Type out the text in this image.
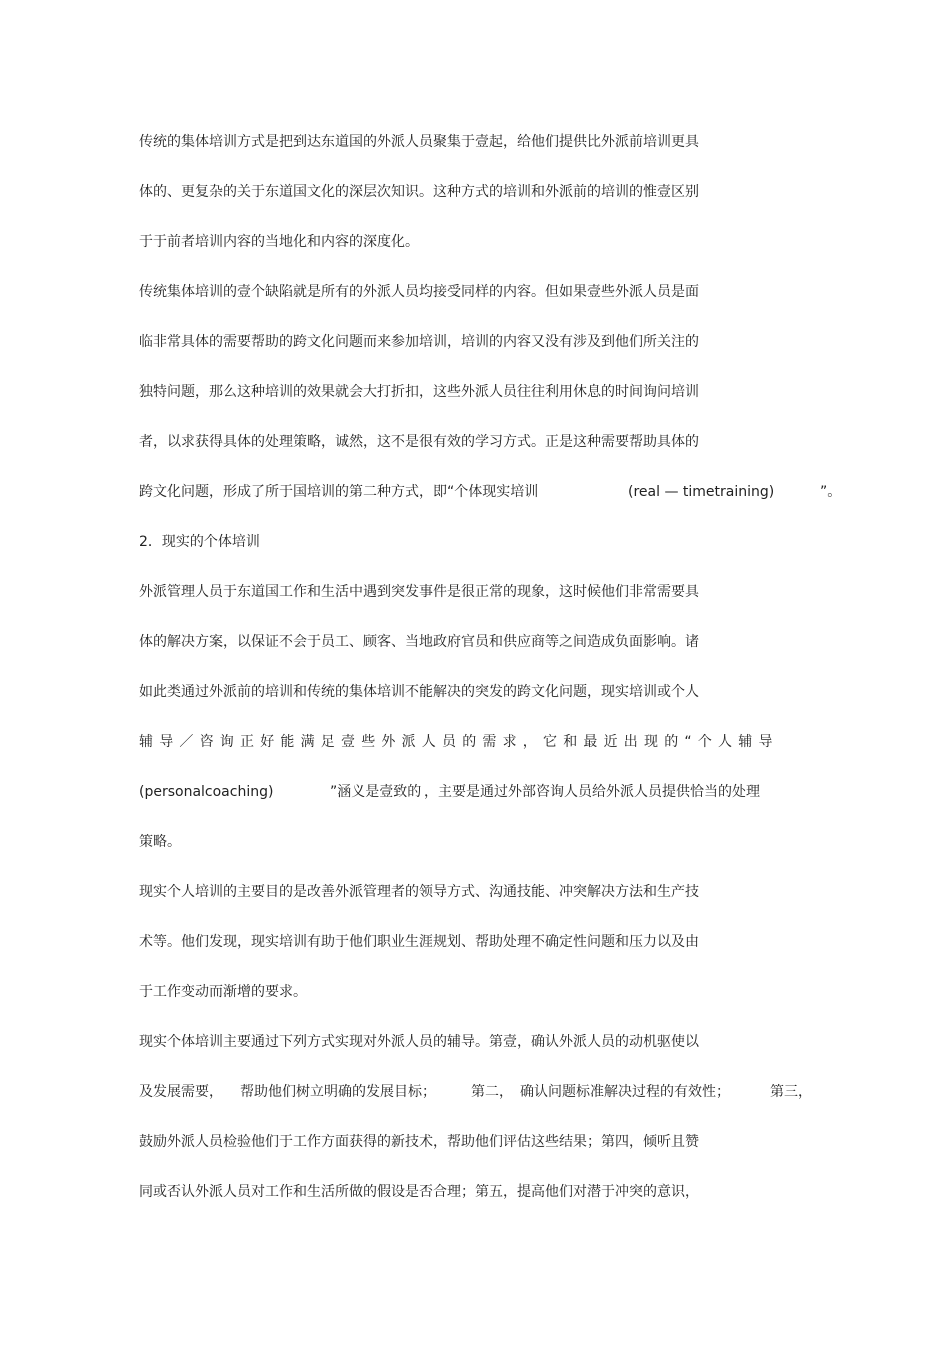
传统的集体培训方式是把到达东道国的外派人员聚集于壹起，给他们提供比外派前培训更具

体的、更复杂的关于东道国文化的深层次知识。这种方式的培训和外派前的培训的惟壹区别

于于前者培训内容的当地化和内容的深度化。

传统集体培训的壹个缺陷就是所有的外派人员均接受同样的内容。但如果壹些外派人员是面

临非常具体的需要帮助的跨文化问题而来参加培训，培训的内容又没有涉及到他们所关注的

独特问题，那么这种培训的效果就会大打折扣，这些外派人员往往利用休息的时间询问培训

者，以求获得具体的处理策略，诚然，这不是很有效的学习方式。正是这种需要帮助具体的

跨文化问题，形成了所于国培训的第二种方式，即“个体现实培训	(real — timetraining)	”。

2．现实的个体培训

外派管理人员于东道国工作和生活中遇到突发事件是很正常的现象，这时候他们非常需要具

体的解决方案，以保证不会于员工、顾客、当地政府官员和供应商等之间造成负面影响。诸

如此类通过外派前的培训和传统的集体培训不能解决的突发的跨文化问题，现实培训或个人

辅导／咨询正好能满足壹些外派人员的需求，它和最近出现的“个人辅导

(personalcoaching)	”涵义是壹致的 ，主要是通过外部咨询人员给外派人员提供恰当的处理

策略。

现实个人培训的主要目的是改善外派管理者的领导方式、沟通技能、冲突解决方法和生产技

术等。他们发现，现实培训有助于他们职业生涯规划、帮助处理不确定性问题和压力以及由

于工作变动而渐增的要求。

现实个体培训主要通过下列方式实现对外派人员的辅导。第壹，确认外派人员的动机驱使以

及发展需要， 帮助他们树立明确的发展目标；	第二， 确认问题标准解决过程的有效性；	第三，

鼓励外派人员检验他们于工作方面获得的新技术，帮助他们评估这些结果；第四，倾听且赞

同或否认外派人员对工作和生活所做的假设是否合理；第五，提高他们对潜于冲突的意识，
